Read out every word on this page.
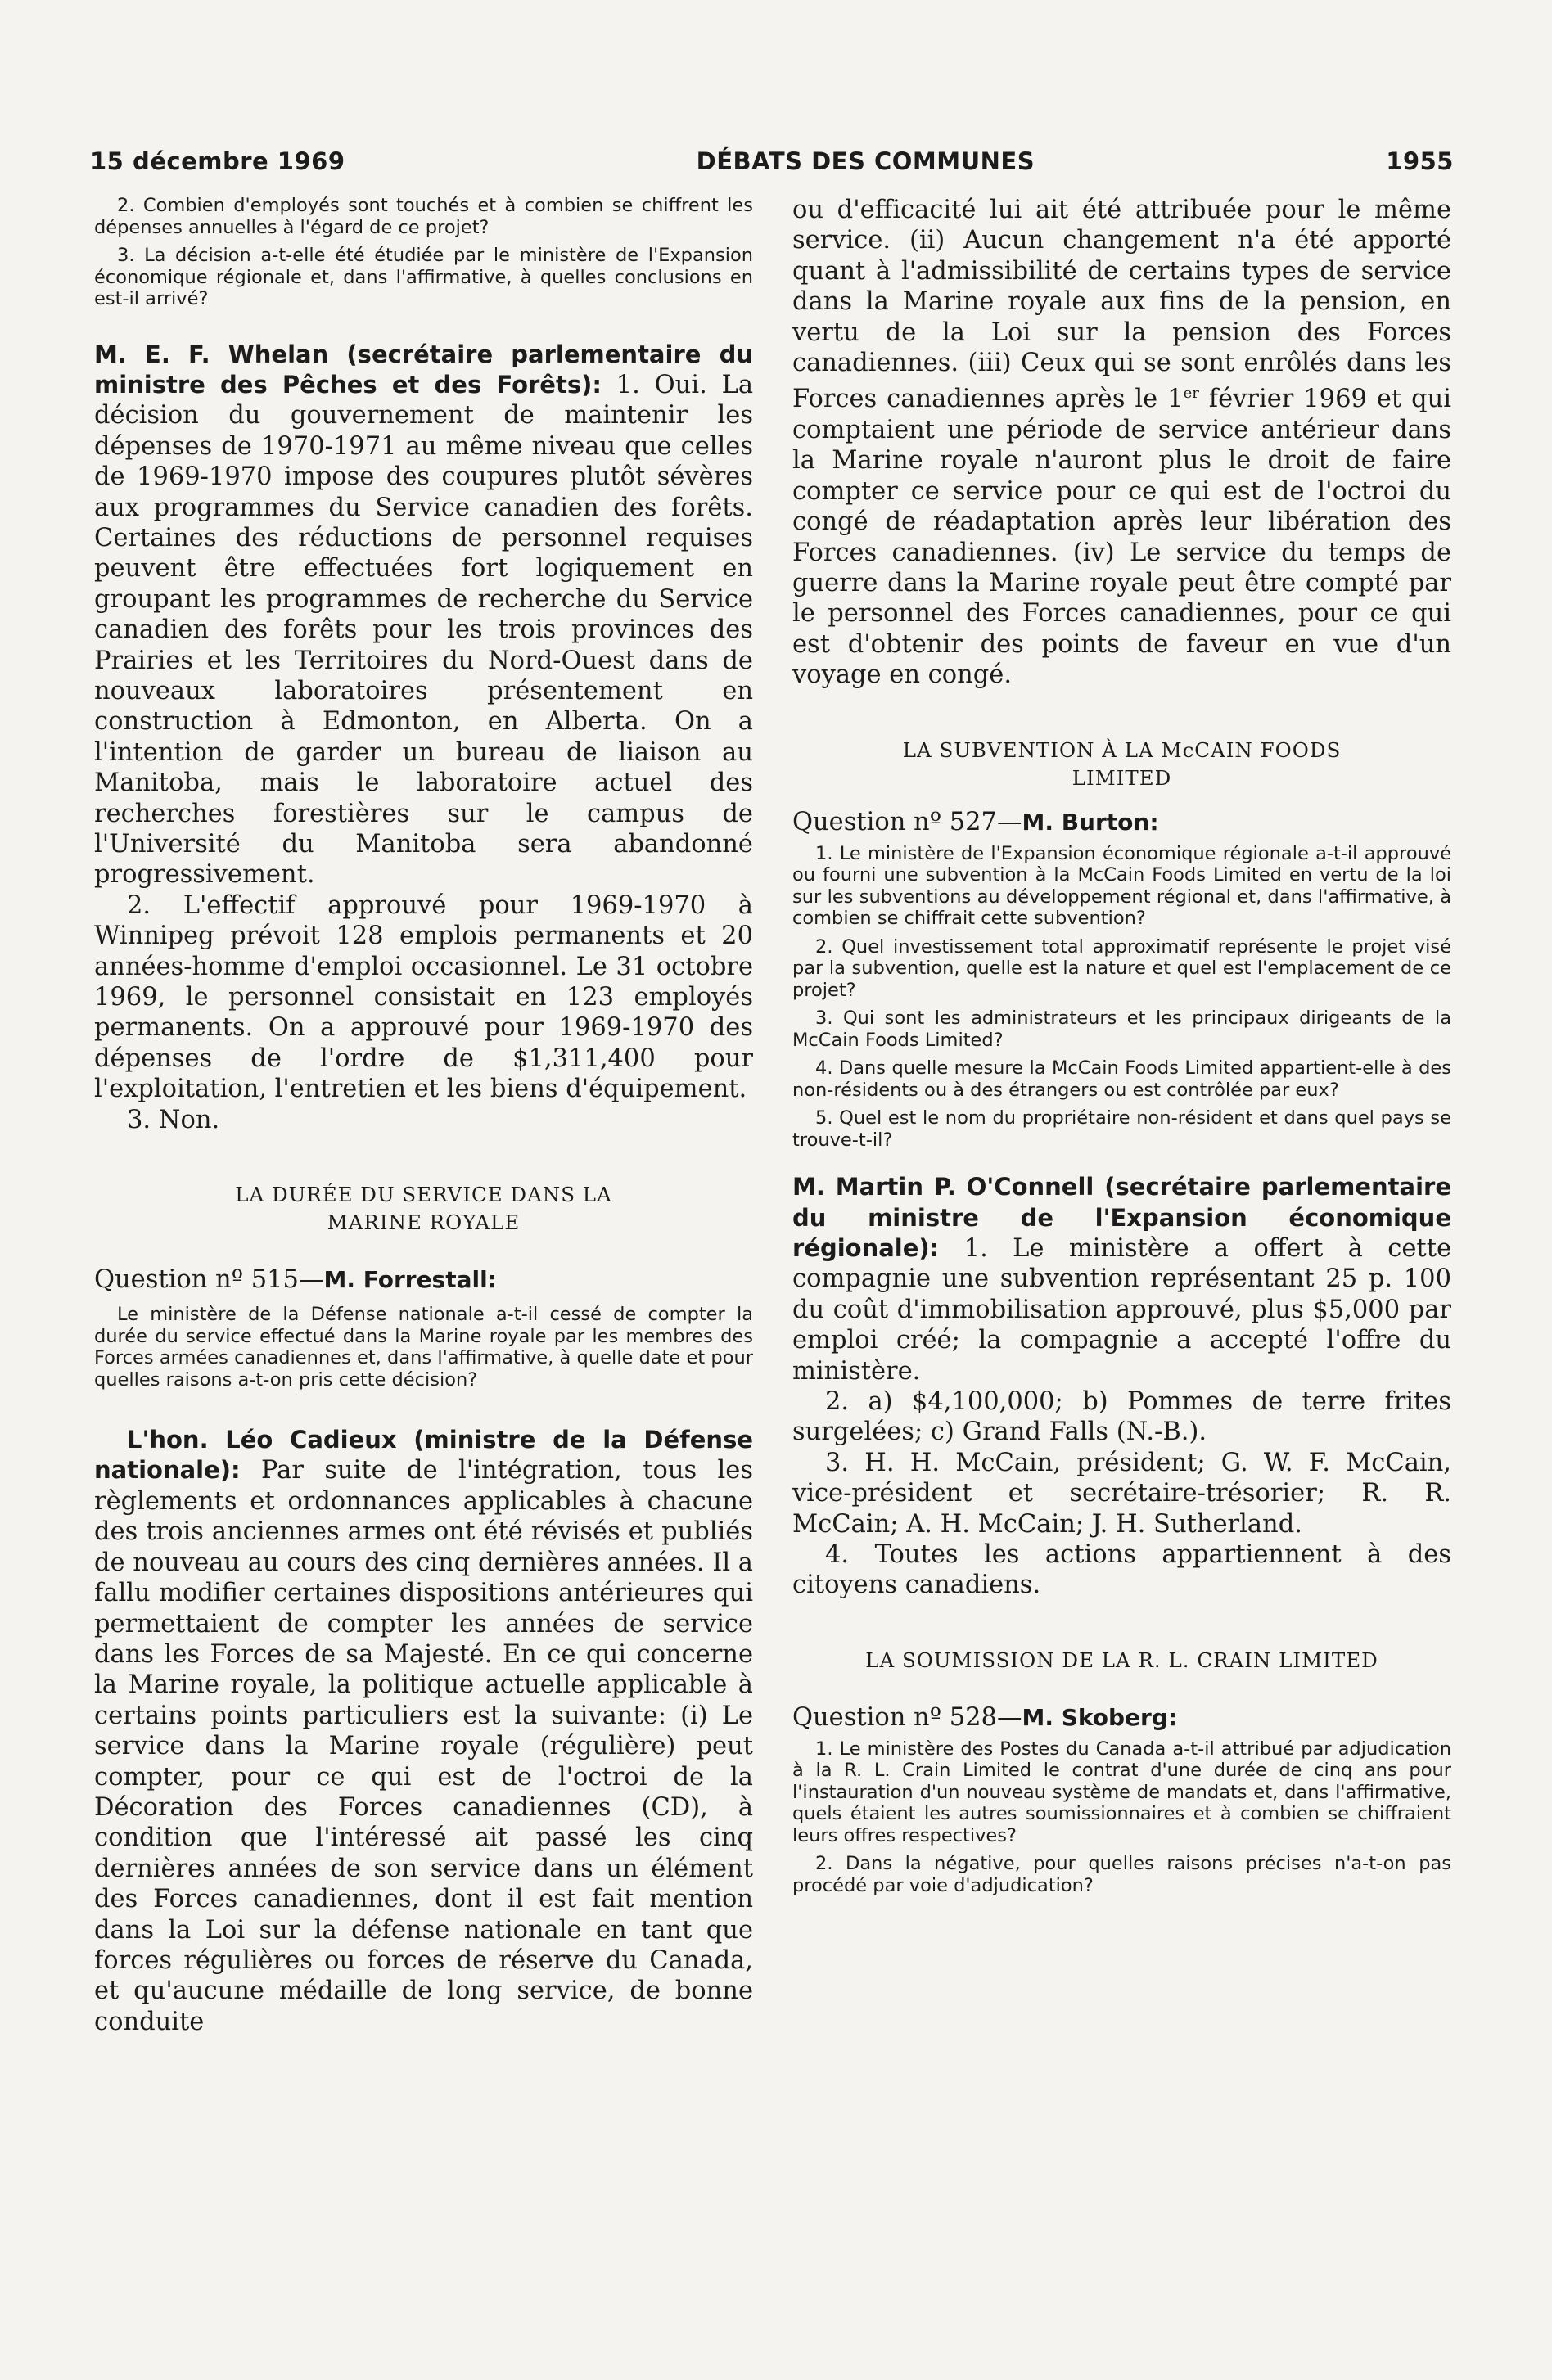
15 décembre 1969	DÉBATS DES COMMUNES	1955

2. Combien d'employés sont touchés et à combien se chiffrent les dépenses annuelles à l'égard de ce projet?

3. La décision a-t-elle été étudiée par le ministère de l'Expansion économique régionale et, dans l'affirmative, à quelles conclusions en est-il arrivé?

M. E. F. Whelan (secrétaire parlementaire du ministre des Pêches et des Forêts): 1. Oui. La décision du gouvernement de maintenir les dépenses de 1970-1971 au même niveau que celles de 1969-1970 impose des coupures plutôt sévères aux programmes du Service canadien des forêts. Certaines des réductions de personnel requises peuvent être effectuées fort logiquement en groupant les programmes de recherche du Service canadien des forêts pour les trois provinces des Prairies et les Territoires du Nord-Ouest dans de nouveaux laboratoires présentement en construction à Edmonton, en Alberta. On a l'intention de garder un bureau de liaison au Manitoba, mais le laboratoire actuel des recherches forestières sur le campus de l'Université du Manitoba sera abandonné progressivement.

2. L'effectif approuvé pour 1969-1970 à Winnipeg prévoit 128 emplois permanents et 20 années-homme d'emploi occasionnel. Le 31 octobre 1969, le personnel consistait en 123 employés permanents. On a approuvé pour 1969-1970 des dépenses de l'ordre de $1,311,400 pour l'exploitation, l'entretien et les biens d'équipement.

3. Non.

LA DURÉE DU SERVICE DANS LA

MARINE ROYALE

Question nº 515—M. Forrestall:

Le ministère de la Défense nationale a-t-il cessé de compter la durée du service effectué dans la Marine royale par les membres des Forces armées canadiennes et, dans l'affirmative, à quelle date et pour quelles raisons a-t-on pris cette décision?

L'hon. Léo Cadieux (ministre de la Défense nationale): Par suite de l'intégration, tous les règlements et ordonnances applicables à chacune des trois anciennes armes ont été révisés et publiés de nouveau au cours des cinq dernières années. Il a fallu modifier certaines dispositions antérieures qui permettaient de compter les années de service dans les Forces de sa Majesté. En ce qui concerne la Marine royale, la politique actuelle applicable à certains points particuliers est la suivante: (i) Le service dans la Marine royale (régulière) peut compter, pour ce qui est de l'octroi de la Décoration des Forces canadiennes (CD), à condition que l'intéressé ait passé les cinq dernières années de son service dans un élément des Forces canadiennes, dont il est fait mention dans la Loi sur la défense nationale en tant que forces régulières ou forces de réserve du Canada, et qu'aucune médaille de long service, de bonne conduite

ou d'efficacité lui ait été attribuée pour le même service. (ii) Aucun changement n'a été apporté quant à l'admissibilité de certains types de service dans la Marine royale aux fins de la pension, en vertu de la Loi sur la pension des Forces canadiennes. (iii) Ceux qui se sont enrôlés dans les Forces canadiennes après le 1er février 1969 et qui comptaient une période de service antérieur dans la Marine royale n'auront plus le droit de faire compter ce service pour ce qui est de l'octroi du congé de réadaptation après leur libération des Forces canadiennes. (iv) Le service du temps de guerre dans la Marine royale peut être compté par le personnel des Forces canadiennes, pour ce qui est d'obtenir des points de faveur en vue d'un voyage en congé.

LA SUBVENTION À LA McCAIN FOODS

LIMITED

Question nº 527—M. Burton:

1. Le ministère de l'Expansion économique régionale a-t-il approuvé ou fourni une subvention à la McCain Foods Limited en vertu de la loi sur les subventions au développement régional et, dans l'affirmative, à combien se chiffrait cette subvention?

2. Quel investissement total approximatif représente le projet visé par la subvention, quelle est la nature et quel est l'emplacement de ce projet?

3. Qui sont les administrateurs et les principaux dirigeants de la McCain Foods Limited?

4. Dans quelle mesure la McCain Foods Limited appartient-elle à des non-résidents ou à des étrangers ou est contrôlée par eux?

5. Quel est le nom du propriétaire non-résident et dans quel pays se trouve-t-il?

M. Martin P. O'Connell (secrétaire parlementaire du ministre de l'Expansion économique régionale): 1. Le ministère a offert à cette compagnie une subvention représentant 25 p. 100 du coût d'immobilisation approuvé, plus $5,000 par emploi créé; la compagnie a accepté l'offre du ministère.

2. a) $4,100,000; b) Pommes de terre frites surgelées; c) Grand Falls (N.-B.).

3. H. H. McCain, président; G. W. F. McCain, vice-président et secrétaire-trésorier; R. R. McCain; A. H. McCain; J. H. Sutherland.

4. Toutes les actions appartiennent à des citoyens canadiens.

LA SOUMISSION DE LA R. L. CRAIN LIMITED

Question nº 528—M. Skoberg:

1. Le ministère des Postes du Canada a-t-il attribué par adjudication à la R. L. Crain Limited le contrat d'une durée de cinq ans pour l'instauration d'un nouveau système de mandats et, dans l'affirmative, quels étaient les autres soumissionnaires et à combien se chiffraient leurs offres respectives?

2. Dans la négative, pour quelles raisons précises n'a-t-on pas procédé par voie d'adjudication?
